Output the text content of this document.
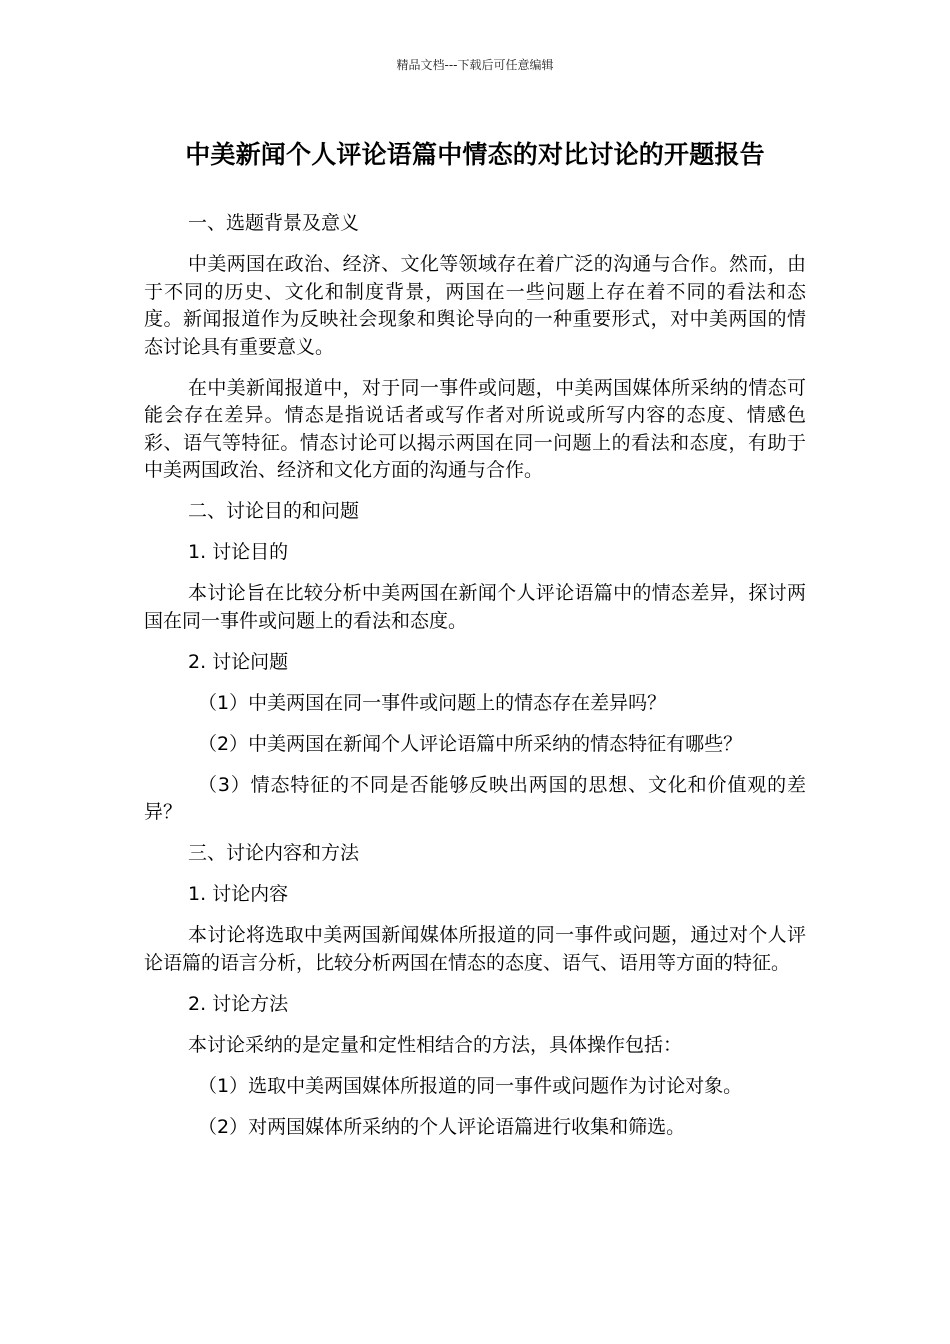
精品文档---下载后可任意编辑
中美新闻个人评论语篇中情态的对比讨论的开题报告

一、选题背景及意义

中美两国在政治、经济、文化等领域存在着广泛的沟通与合作。然而，由于不同的历史、文化和制度背景，两国在一些问题上存在着不同的看法和态度。新闻报道作为反映社会现象和舆论导向的一种重要形式，对中美两国的情态讨论具有重要意义。

在中美新闻报道中，对于同一事件或问题，中美两国媒体所采纳的情态可能会存在差异。情态是指说话者或写作者对所说或所写内容的态度、情感色彩、语气等特征。情态讨论可以揭示两国在同一问题上的看法和态度，有助于中美两国政治、经济和文化方面的沟通与合作。

二、讨论目的和问题

1. 讨论目的

本讨论旨在比较分析中美两国在新闻个人评论语篇中的情态差异，探讨两国在同一事件或问题上的看法和态度。

2. 讨论问题

（1）中美两国在同一事件或问题上的情态存在差异吗？

（2）中美两国在新闻个人评论语篇中所采纳的情态特征有哪些？

（3）情态特征的不同是否能够反映出两国的思想、文化和价值观的差异？

三、讨论内容和方法

1. 讨论内容

本讨论将选取中美两国新闻媒体所报道的同一事件或问题，通过对个人评论语篇的语言分析，比较分析两国在情态的态度、语气、语用等方面的特征。

2. 讨论方法

本讨论采纳的是定量和定性相结合的方法，具体操作包括：

（1）选取中美两国媒体所报道的同一事件或问题作为讨论对象。

（2）对两国媒体所采纳的个人评论语篇进行收集和筛选。
